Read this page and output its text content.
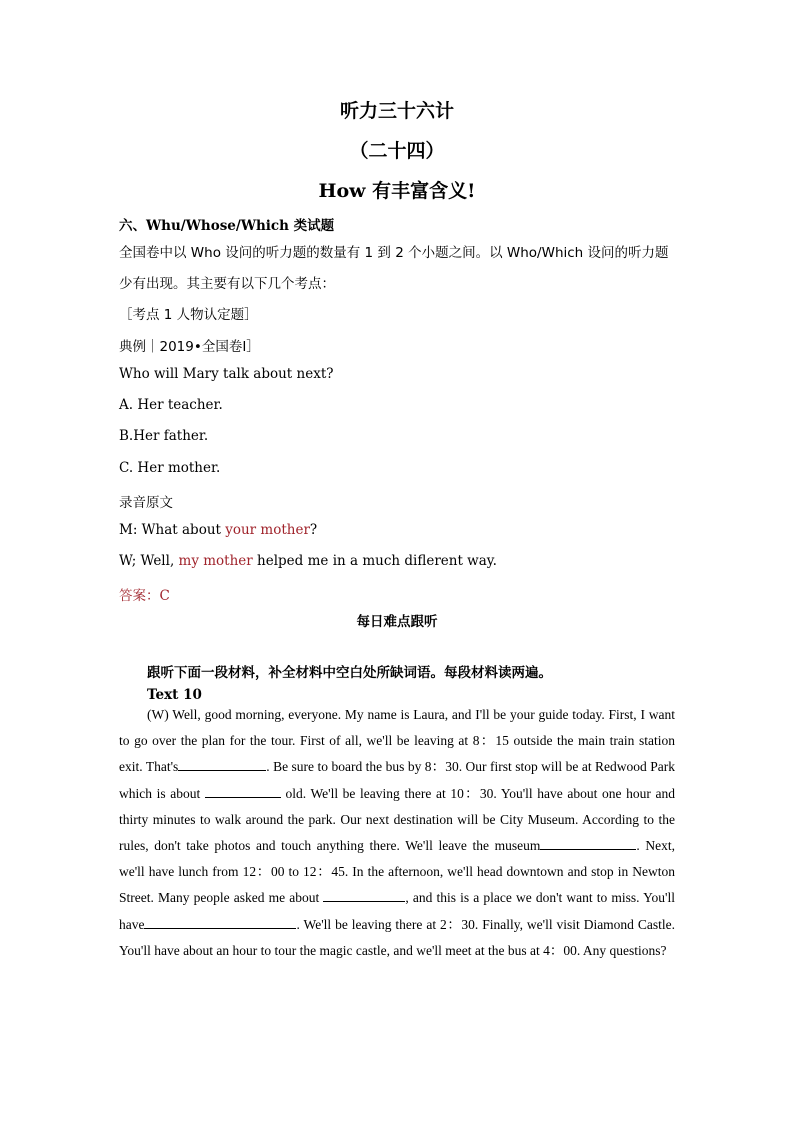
听力三十六计
（二十四）
How 有丰富含义!
六、Whu/Whose/Which 类试题
全国卷中以 Who 设问的听力题的数量有 1 到 2 个小题之间。以 Who/Which 设问的听力题
少有出现。其主要有以下几个考点：
［考点 1 人物认定题］
典例｜2019•全国卷Ⅰ］
Who will Mary talk about next?
A. Her teacher.
B.Her father.
C. Her mother.
录音原文
M: What about your mother?
W; Well, my mother helped me in a much diflerent way.
答案：C
每日难点跟听
跟听下面一段材料，补全材料中空白处所缺词语。每段材料读两遍。
Text 10
(W) Well, good morning, everyone. My name is Laura, and I'll be your guide today. First, I want to go over the plan for the tour. First of all, we'll be leaving at 8：15 outside the main train station exit. That's	. Be sure to board the bus by 8：30. Our first stop will be at Redwood Park which is about	old. We'll be leaving there at 10：30. You'll have about one hour and thirty minutes to walk around the park. Our next destination will be City Museum. According to the rules, don't take photos and touch anything there. We'll leave the museum	. Next, we'll have lunch from 12：00 to 12：45. In the afternoon, we'll head downtown and stop in Newton Street. Many people asked me about	, and this is a place we don't want to miss. You'll have	. We'll be leaving there at 2：30. Finally, we'll visit Diamond Castle. You'll have about an hour to tour the magic castle, and we'll meet at the bus at 4：00. Any questions?
